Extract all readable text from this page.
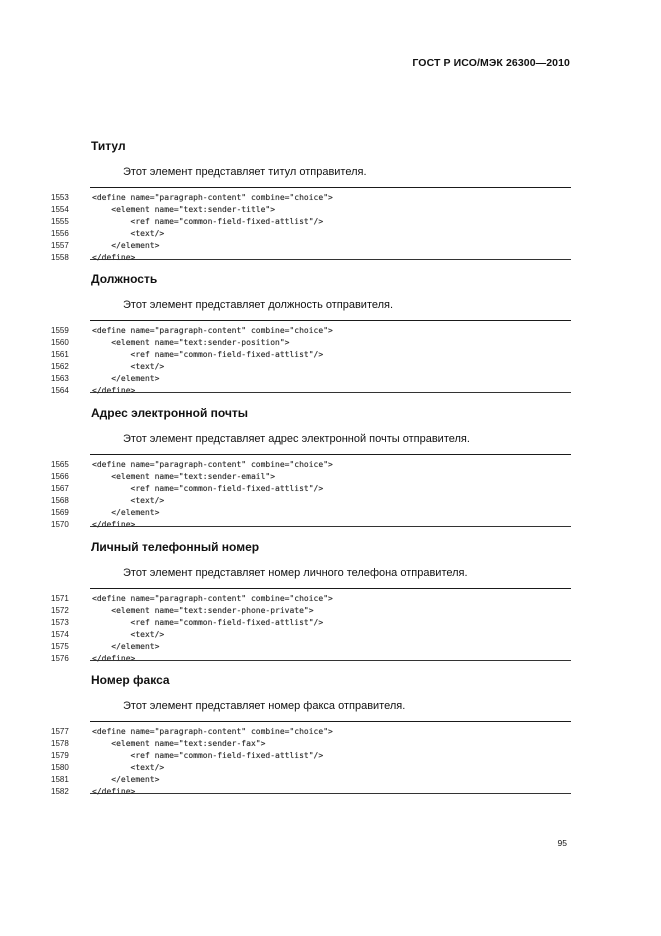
ГОСТ Р ИСО/МЭК 26300—2010
Титул
Этот элемент представляет титул отправителя.
1553	<define name="paragraph-content" combine="choice">
1554	<element name="text:sender-title">
1555	<ref name="common-field-fixed-attlist"/>
1556	<text/>
1557	</element>
1558	</define>
Должность
Этот элемент представляет должность отправителя.
1559	<define name="paragraph-content" combine="choice">
1560	<element name="text:sender-position">
1561	<ref name="common-field-fixed-attlist"/>
1562	<text/>
1563	</element>
1564	</define>
Адрес электронной почты
Этот элемент представляет адрес электронной почты отправителя.
1565	<define name="paragraph-content" combine="choice">
1566	<element name="text:sender-email">
1567	<ref name="common-field-fixed-attlist"/>
1568	<text/>
1569	</element>
1570	</define>
Личный телефонный номер
Этот элемент представляет номер личного телефона отправителя.
1571	<define name="paragraph-content" combine="choice">
1572	<element name="text:sender-phone-private">
1573	<ref name="common-field-fixed-attlist"/>
1574	<text/>
1575	</element>
1576	</define>
Номер факса
Этот элемент представляет номер факса отправителя.
1577	<define name="paragraph-content" combine="choice">
1578	<element name="text:sender-fax">
1579	<ref name="common-field-fixed-attlist"/>
1580	<text/>
1581	</element>
1582	</define>
95
